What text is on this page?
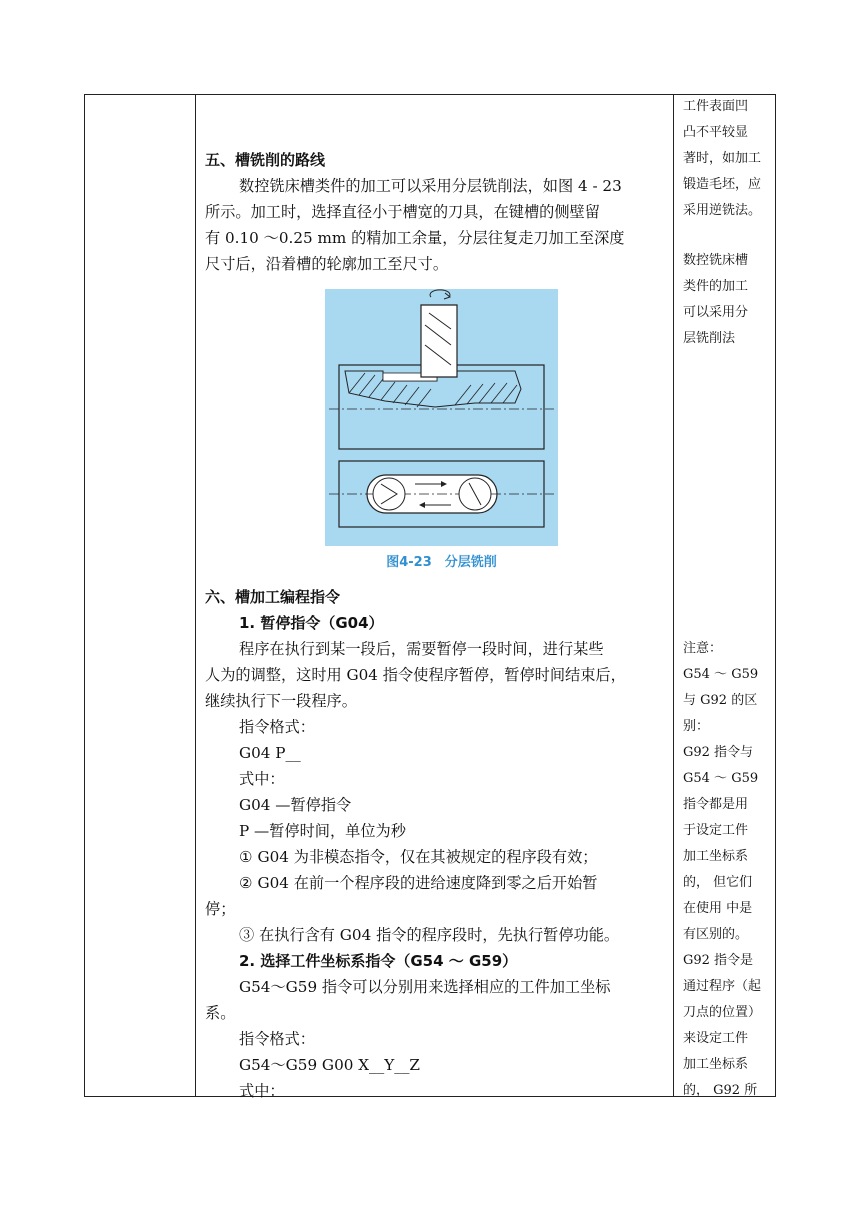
五、槽铣削的路线
数控铣床槽类件的加工可以采用分层铣削法，如图 4 - 23
所示。加工时，选择直径小于槽宽的刀具，在键槽的侧壁留
有 0.10 ～0.25 mm 的精加工余量，分层往复走刀加工至深度
尺寸后，沿着槽的轮廓加工至尺寸。
六、槽加工编程指令
1. 暂停指令（G04）
程序在执行到某一段后，需要暂停一段时间，进行某些
人为的调整，这时用 G04 指令使程序暂停，暂停时间结束后，
继续执行下一段程序。
指令格式：
G04 P__
式中：
G04 —暂停指令
P —暂停时间，单位为秒
① G04 为非模态指令，仅在其被规定的程序段有效；
② G04 在前一个程序段的进给速度降到零之后开始暂
停；
③ 在执行含有 G04 指令的程序段时，先执行暂停功能。
2. 选择工件坐标系指令（G54 ～ G59）
G54～G59 指令可以分别用来选择相应的工件加工坐标
系。
指令格式：
G54～G59 G00 X__Y__Z
式中：
图4-23　分层铣削
工件表面凹
凸不平较显
著时，如加工
锻造毛坯，应
采用逆铣法。
数控铣床槽
类件的加工
可以采用分
层铣削法
注意：
G54 ～ G59
与 G92 的区
别：
G92 指令与
G54 ～ G59
指令都是用
于设定工件
加工坐标系
的， 但它们
在使用 中是
有区别的。
G92 指令是
通过程序（起
刀点的位置）
来设定工件
加工坐标系
的， G92 所
